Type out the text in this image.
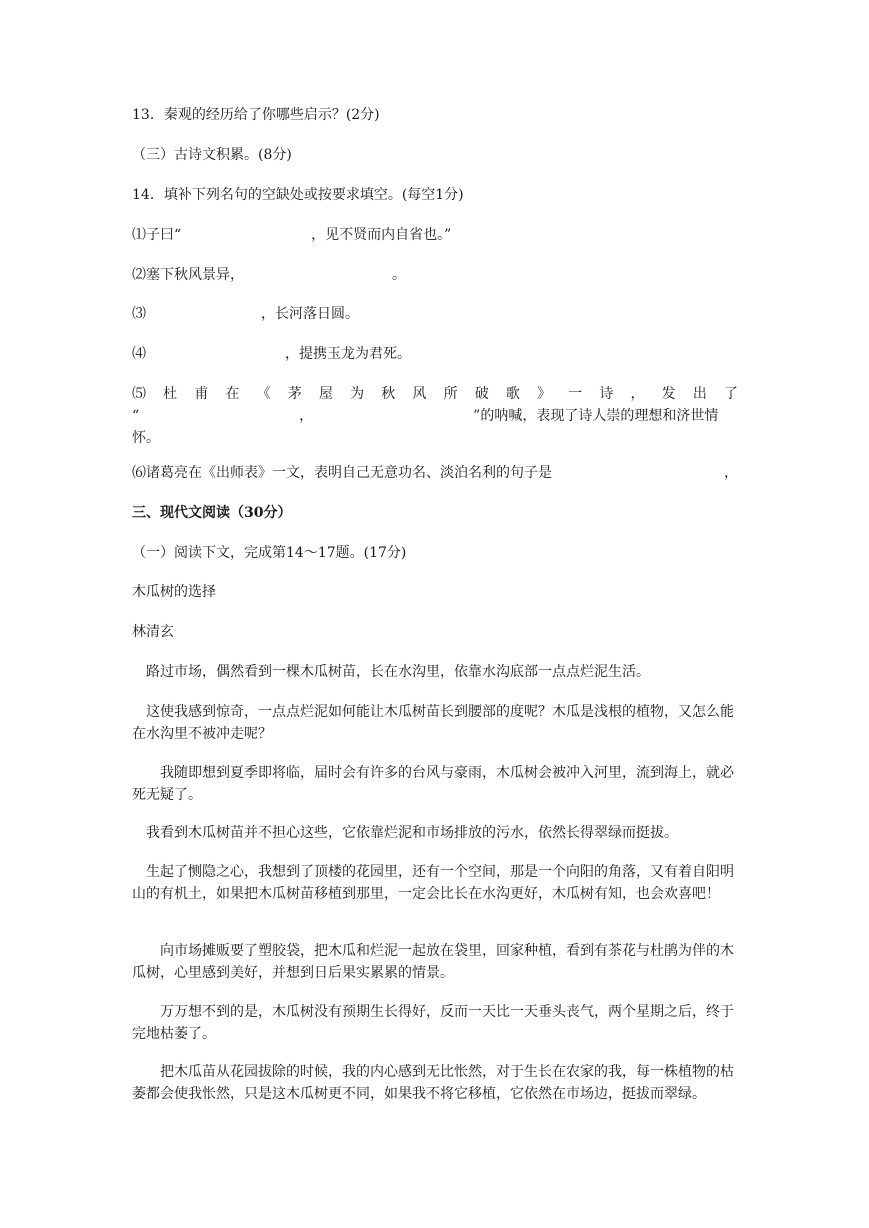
13．秦观的经历给了你哪些启示？(2分)
（三）古诗文积累。(8分)
14．填补下列名句的空缺处或按要求填空。(每空1分)
⑴子曰“	，见不贤而内自省也。”
⑵塞下秋风景异，	。
⑶	，长河落日圆。
⑷	，提携玉龙为君死。
⑸ 杜 甫 在 《 茅 屋 为 秋 风 所 破 歌 》 一 诗 ， 发 出 了
“	，	”的呐喊，表现了诗人崇的理想和济世情
怀。
⑹诸葛亮在《出师表》一文，表明自己无意功名、淡泊名利的句子是	，
三、现代文阅读（30分）
（一）阅读下文，完成第14～17题。(17分)
木瓜树的选择
林清玄
路过市场，偶然看到一棵木瓜树苗，长在水沟里，依靠水沟底部一点点烂泥生活。
这使我感到惊奇，一点点烂泥如何能让木瓜树苗长到腰部的度呢？木瓜是浅根的植物，又怎么能在水沟里不被冲走呢？
我随即想到夏季即将临，届时会有许多的台风与豪雨，木瓜树会被冲入河里，流到海上，就必死无疑了。
我看到木瓜树苗并不担心这些，它依靠烂泥和市场排放的污水，依然长得翠绿而挺拔。
生起了恻隐之心，我想到了顶楼的花园里，还有一个空间，那是一个向阳的角落，又有着自阳明山的有机土，如果把木瓜树苗移植到那里，一定会比长在水沟更好，木瓜树有知，也会欢喜吧！
向市场摊贩要了塑胶袋，把木瓜和烂泥一起放在袋里，回家种植，看到有茶花与杜鹃为伴的木瓜树，心里感到美好，并想到日后果实累累的情景。
万万想不到的是，木瓜树没有预期生长得好，反而一天比一天垂头丧气，两个星期之后，终于完地枯萎了。
把木瓜苗从花园拔除的时候，我的内心感到无比怅然，对于生长在农家的我，每一株植物的枯萎都会使我怅然，只是这木瓜树更不同，如果我不将它移植，它依然在市场边，挺拔而翠绿。
